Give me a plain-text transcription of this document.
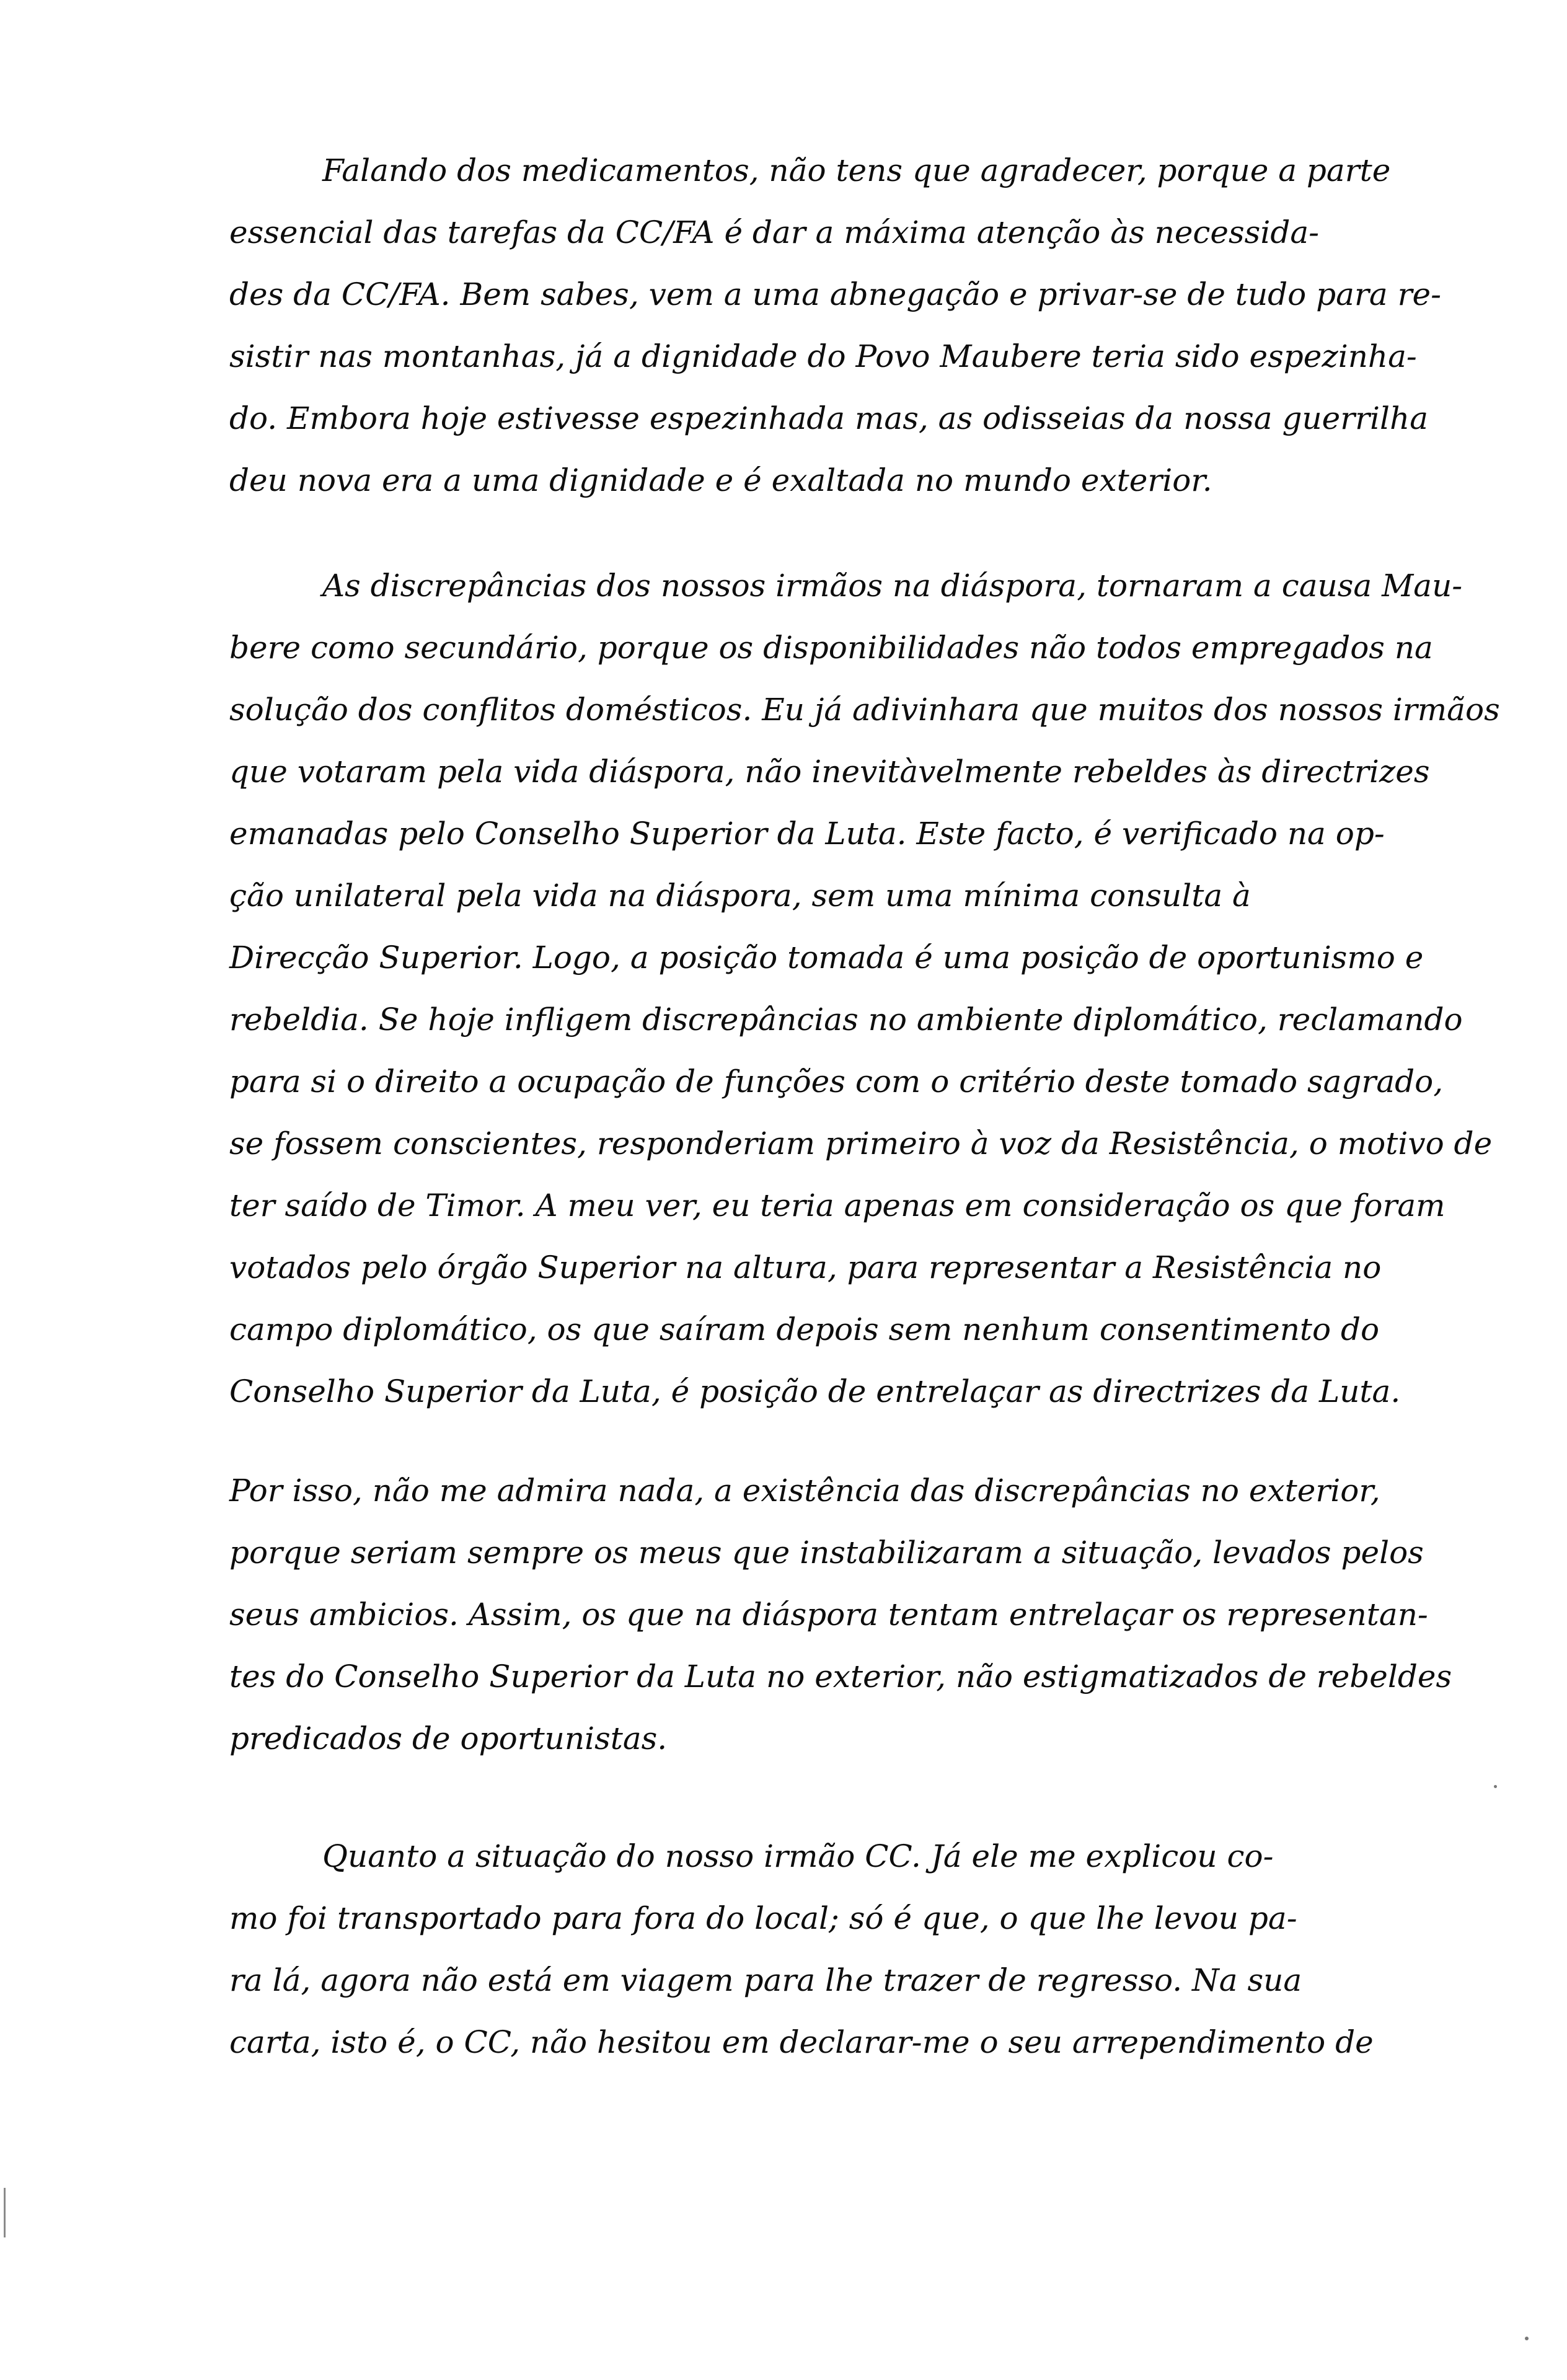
Falando dos medicamentos, não tens que agradecer, porque a parte
essencial das tarefas da CC/FA é dar a máxima atenção às necessida-
des da CC/FA. Bem sabes, vem a uma abnegação e privar-se de tudo para re-
sistir nas montanhas, já a dignidade do Povo Maubere teria sido espezinha-
do. Embora hoje estivesse espezinhada mas, as odisseias da nossa guerrilha
deu nova era a uma dignidade e é exaltada no mundo exterior.
As discrepâncias dos nossos irmãos na diáspora, tornaram a causa Mau-
bere como secundário, porque os disponibilidades não todos empregados na
solução dos conflitos domésticos. Eu já adivinhara que muitos dos nossos irmãos
que votaram pela vida diáspora, não inevitàvelmente rebeldes às directrizes
emanadas pelo Conselho Superior da Luta. Este facto, é verificado na op-
ção unilateral pela vida na diáspora, sem uma mínima consulta à
Direcção Superior. Logo, a posição tomada é uma posição de oportunismo e
rebeldia. Se hoje infligem discrepâncias no ambiente diplomático, reclamando
para si o direito a ocupação de funções com o critério deste tomado sagrado,
se fossem conscientes, responderiam primeiro à voz da Resistência, o motivo de
ter saído de Timor. A meu ver, eu teria apenas em consideração os que foram
votados pelo órgão Superior na altura, para representar a Resistência no
campo diplomático, os que saíram depois sem nenhum consentimento do
Conselho Superior da Luta, é posição de entrelaçar as directrizes da Luta.
Por isso, não me admira nada, a existência das discrepâncias no exterior,
porque seriam sempre os meus que instabilizaram a situação, levados pelos
seus ambicios. Assim, os que na diáspora tentam entrelaçar os representan-
tes do Conselho Superior da Luta no exterior, não estigmatizados de rebeldes
predicados de oportunistas.
Quanto a situação do nosso irmão CC. Já ele me explicou co-
mo foi transportado para fora do local; só é que, o que lhe levou pa-
ra lá, agora não está em viagem para lhe trazer de regresso. Na sua
carta, isto é, o CC, não hesitou em declarar-me o seu arrependimento de
